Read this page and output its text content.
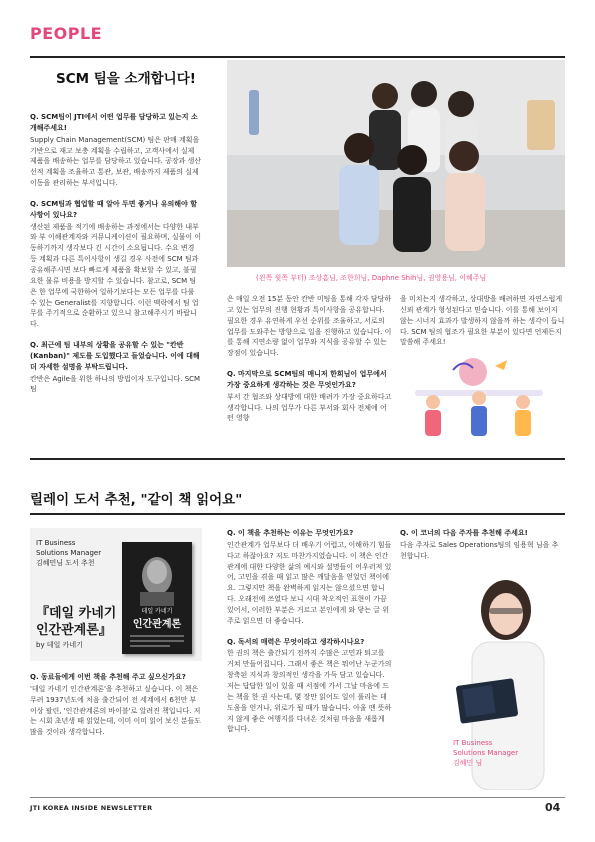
PEOPLE
SCM 팀을 소개합니다!
Q. SCM팀이 JTI에서 어떤 업무를 담당하고 있는지 소개해주세요!
Supply Chain Management(SCM) 팀은 판매 계획을 기반으로 재고 보충 계획을 수립하고, 고객사에서 실제 제품을 배송하는 업무를 담당하고 있습니다. 공장과 생산선적 계획을 조율하고 통관, 보관, 배송까지 제품의 실제 이동을 관리하는 부서입니다.
Q. SCM팀과 협업할 때 알아 두면 좋거나 유의해야 할 사항이 있나요?
생산된 제품을 적기에 배송하는 과정에서는 다양한 내부와 부 이해관계자와 커뮤니케이션이 필요하며, 실물이 이동하기까지 생각보다 긴 시간이 소요됩니다. 수요 변경 등 계획과 다른 특이사항이 생길 경우 사전에 SCM 팀과 공유해주시면 보다 빠르게 제품을 확보할 수 있고, 불필요한 물류 비용을 방지할 수 있습니다. 참고로, SCM 팀은 한 업무에 국한하여 일하기보다는 모든 업무를 다룰 수 있는 Generalist를 지향합니다. 이런 맥락에서 팀 업무를 주기적으로 순환하고 있으니 참고해주시기 바랍니다.
Q. 최근에 팀 내부의 상황을 공유할 수 있는 "칸반(Kanban)" 제도를 도입했다고 들었습니다. 이에 대해 더 자세한 설명을 부탁드립니다.
칸반은 Agile을 위한 하나의 방법이자 도구입니다. SCM팀
(왼쪽 윗쪽 부터) 조상흠님, 조한희님, Daphne Shih님, 권영용님, 이혜주님
은 매일 오전 15분 동안 칸반 미팅을 통해 각자 담당하고 있는 업무의 진행 현황과 특이사항을 공유합니다. 필요한 경우 유연하게 우선 순위를 조율하고, 서로의 업무를 도와주는 방향으로 일을 진행하고 있습니다. 이를 통해 지연소량 없이 업무와 지식을 공유할 수 있는 장점이 있습니다.
Q. 마지막으로 SCM팀의 매니저 한희님이 업무에서 가장 중요하게 생각하는 것은 무엇인가요?
부서 간 협조와 상대방에 대한 배려가 가장 중요하다고 생각합니다. 나의 업무가 다른 부서와 회사 전체에 어떤 영향
을 미치는지 생각하고, 상대방을 배려하면 자연스럽게 신뢰 관계가 형성된다고 믿습니다. 이를 통해 보이지 않는 시너지 효과가 발생하지 않을까 하는 생각이 듭니다. SCM 팀의 협조가 필요한 부분이 있다면 언제든지 말씀해 주세요!
릴레이 도서 추천, "같이 책 읽어요"
IT Business
Solutions Manager
김혜민님 도서 추천
『데일 카네기
인간관계론』
by 데일 카네기
데일 카네기
인간관계론
Q. 동료들에게 이번 책을 추천해 주고 싶으신가요?
'데일 카네기 인간관계론'을 추천하고 싶습니다. 이 책은 무려 1937년도에 처음 출간되어 전 세계에서 6천만 부 이상 팔린, '인간관계론의 바이블'로 알려진 책입니다. 저는 시회 초년생 때 읽었는데, 이미 이미 읽어 보신 분들도 많을 것이라 생각합니다.
Q. 이 책을 추천하는 이유는 무엇인가요?
인간관계가 업무보다 더 배우기 어렵고, 이해하기 힘들다고 하잖아요? 저도 마찬가지였습니다. 이 책은 인간관계에 대한 다양한 삶의 예시와 설명들이 어우러져 있어, 고민을 겪을 때 읽고 많은 깨달음을 얻었던 책이에요. 그렇지만 책을 완벽하게 읽지는 않으셨으면 합니다. 오래전에 쓰였다 보니 시대 착오적인 표현이 가끔 있어서, 이러한 부분은 거르고 본인에게 와 닿는 글 위주로 읽으면 더 좋습니다.
Q. 독서의 매력은 무엇이라고 생각하시나요?
한 권의 책은 출간되기 전까지 수많은 고민과 퇴고를 거쳐 만들어집니다. 그래서 좋은 책은 뭐어난 누군가의 창축된 지식과 창의적인 생각을 가득 담고 있습니다. 저는 답답한 일이 있을 때 서점에 가서 그날 마음에 드는 책을 한 권 사는데, 몇 장만 읽어도 일이 풀리는 데 도움을 얻거나, 위로가 될 때가 많습니다. 아울 땐 뜻하지 않게 좋은 여행지를 다녀온 것처럼 마음을 새롭게 합니다.
Q. 이 코너의 다음 주자를 추천해 주세요!
다음 주자로 Sales Operations팀의 임용혁 님을 추천합니다.
IT Business
Solutions Manager
김혜민 님
JTI KOREA INSIDE NEWSLETTER	04
